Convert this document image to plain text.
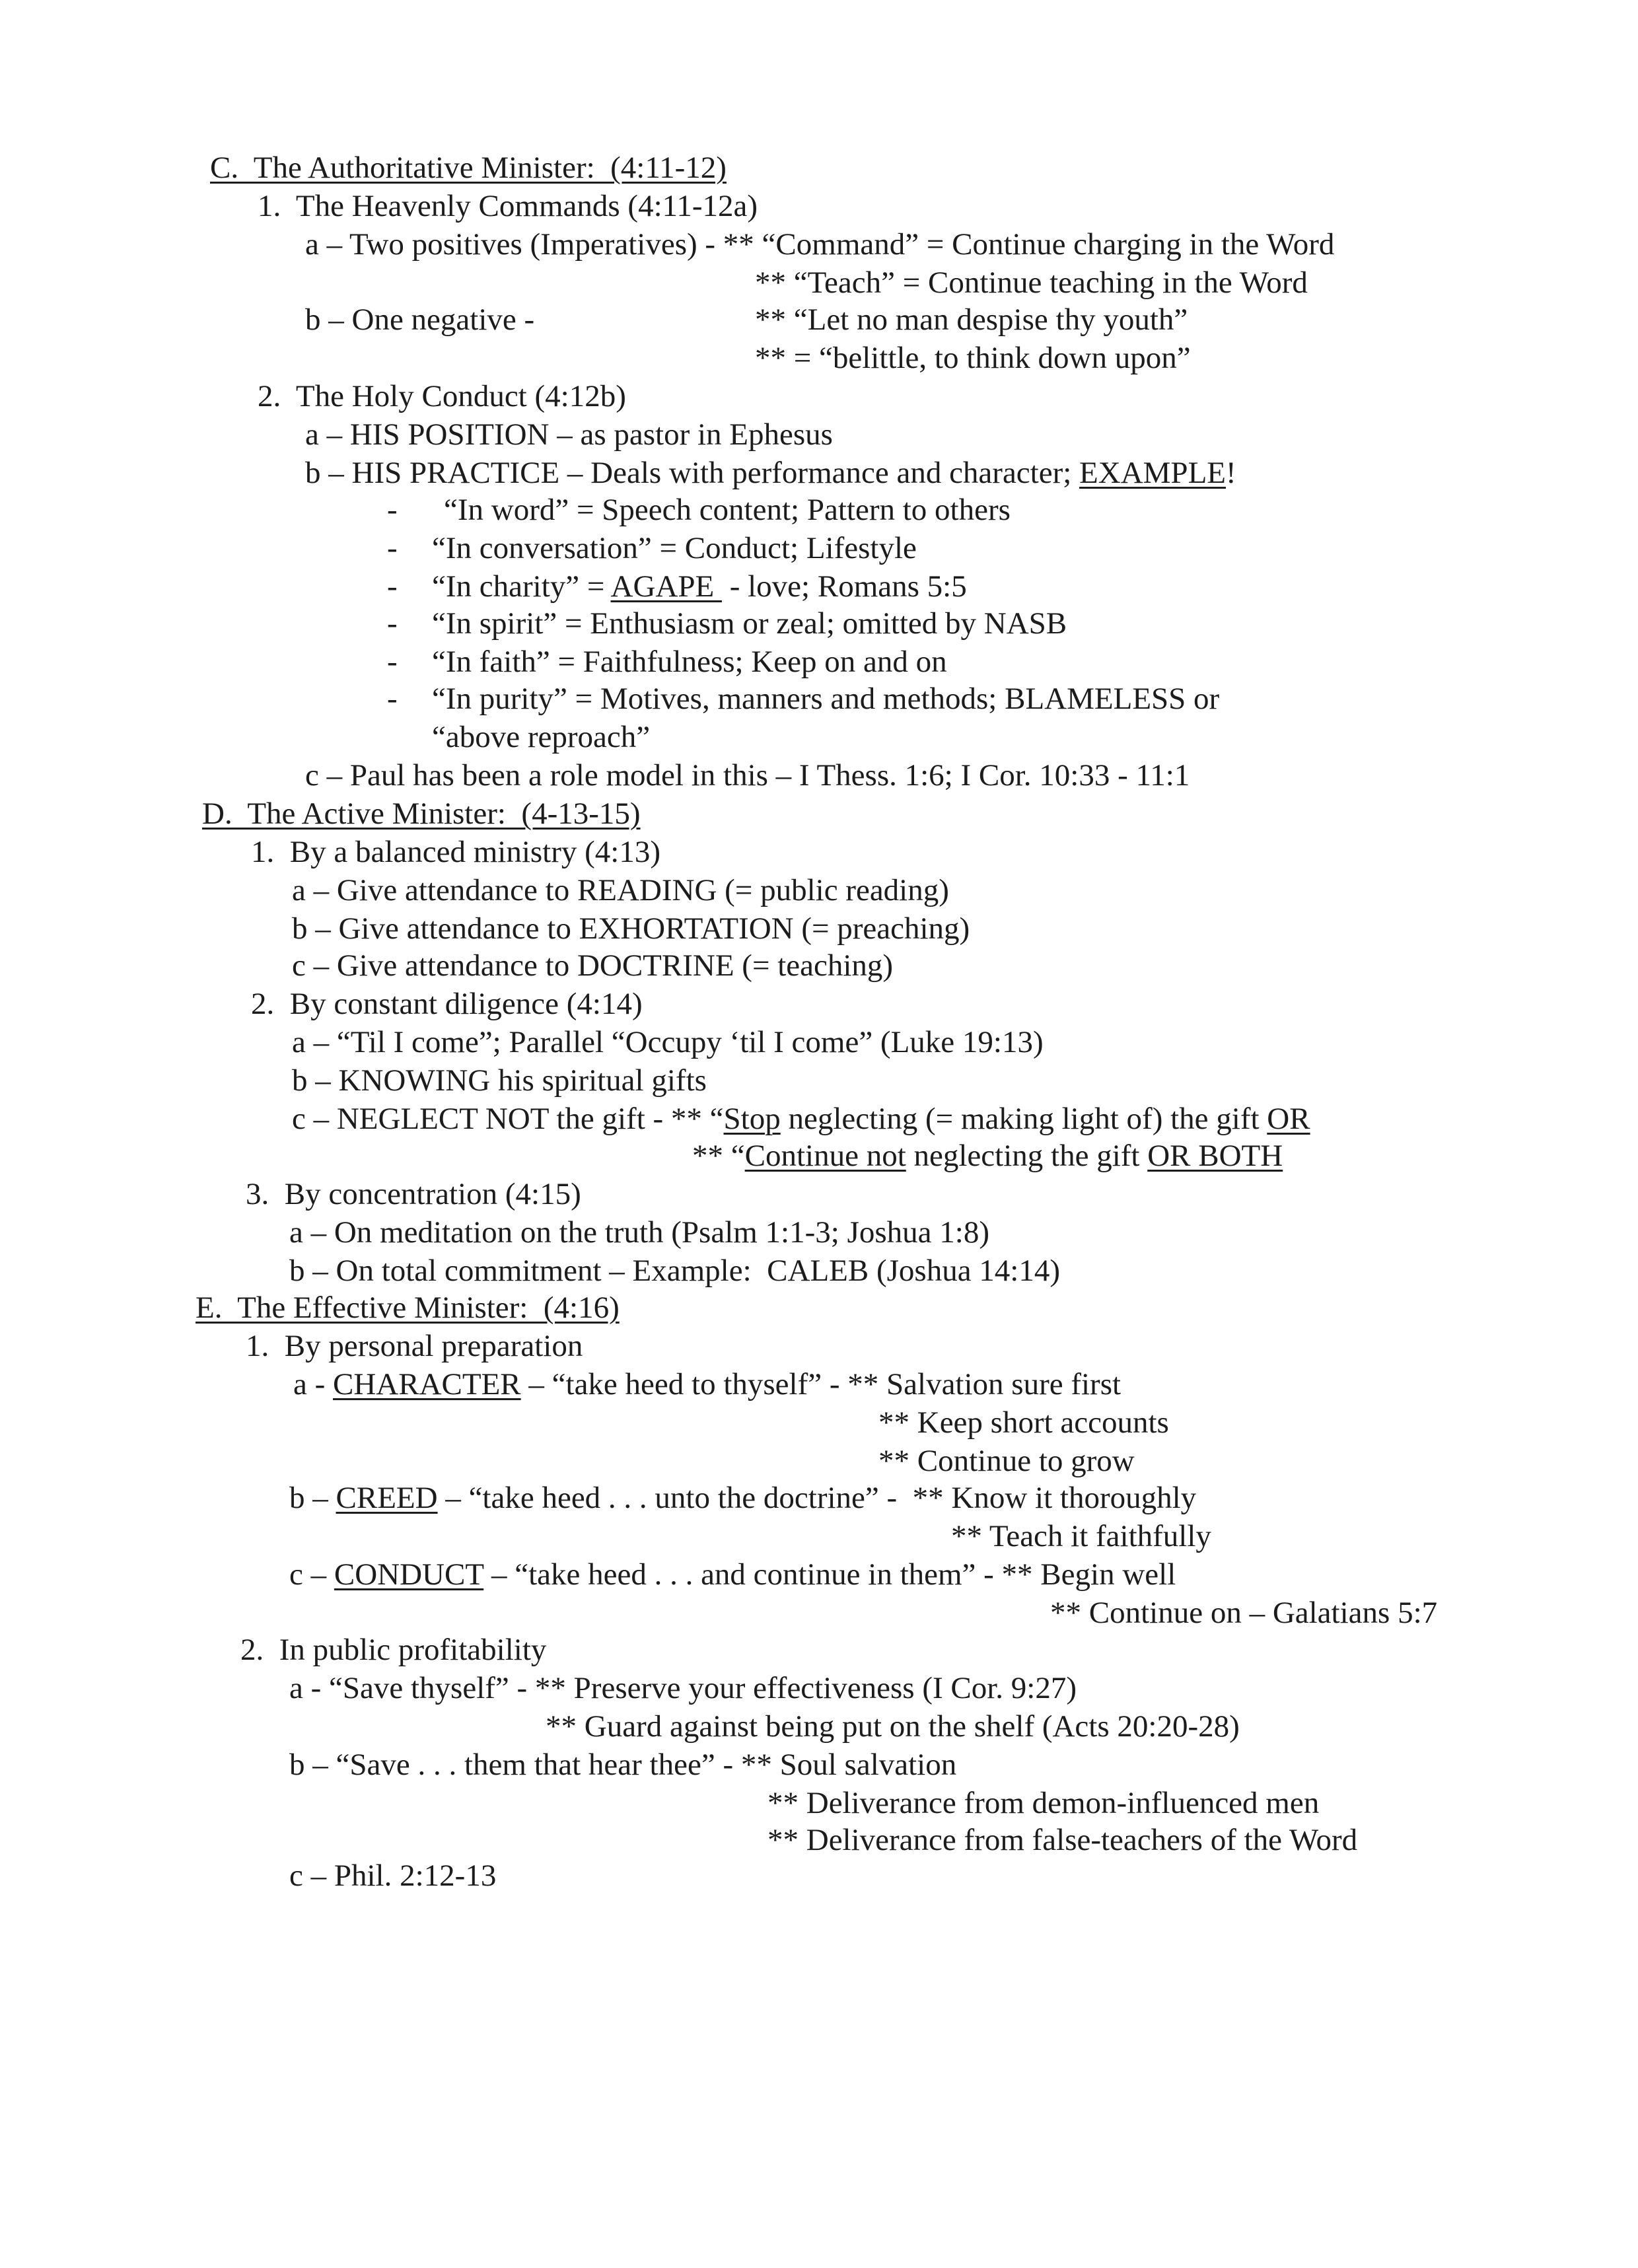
C.  The Authoritative Minister:  (4:11-12)
1.  The Heavenly Commands (4:11-12a)
a – Two positives (Imperatives) - ** “Command” = Continue charging in the Word
** “Teach” = Continue teaching in the Word
b – One negative -	** “Let no man despise thy youth”
** = “belittle, to think down upon”
2.  The Holy Conduct (4:12b)
a – HIS POSITION – as pastor in Ephesus
b – HIS PRACTICE – Deals with performance and character; EXAMPLE!
- “In word” = Speech content; Pattern to others
- “In conversation” = Conduct; Lifestyle
- “In charity” = AGAPE  - love; Romans 5:5
- “In spirit” = Enthusiasm or zeal; omitted by NASB
- “In faith” = Faithfulness; Keep on and on
- “In purity” = Motives, manners and methods; BLAMELESS or
“above reproach”
c – Paul has been a role model in this – I Thess. 1:6; I Cor. 10:33 - 11:1
D.  The Active Minister:  (4-13-15)
1.  By a balanced ministry (4:13)
a – Give attendance to READING (= public reading)
b – Give attendance to EXHORTATION (= preaching)
c – Give attendance to DOCTRINE (= teaching)
2.  By constant diligence (4:14)
a – “Til I come”; Parallel “Occupy ‘til I come” (Luke 19:13)
b – KNOWING his spiritual gifts
c – NEGLECT NOT the gift - ** “Stop neglecting (= making light of) the gift OR
** “Continue not neglecting the gift OR BOTH
3.  By concentration (4:15)
a – On meditation on the truth (Psalm 1:1-3; Joshua 1:8)
b – On total commitment – Example:  CALEB (Joshua 14:14)
E.  The Effective Minister:  (4:16)
1.  By personal preparation
a - CHARACTER – “take heed to thyself” - ** Salvation sure first
** Keep short accounts
** Continue to grow
b – CREED – “take heed . . . unto the doctrine” -  ** Know it thoroughly
** Teach it faithfully
c – CONDUCT – “take heed . . . and continue in them” - ** Begin well
** Continue on – Galatians 5:7
2.  In public profitability
a - “Save thyself” - ** Preserve your effectiveness (I Cor. 9:27)
** Guard against being put on the shelf (Acts 20:20-28)
b – “Save . . . them that hear thee” - ** Soul salvation
** Deliverance from demon-influenced men
** Deliverance from false-teachers of the Word
c – Phil. 2:12-13
